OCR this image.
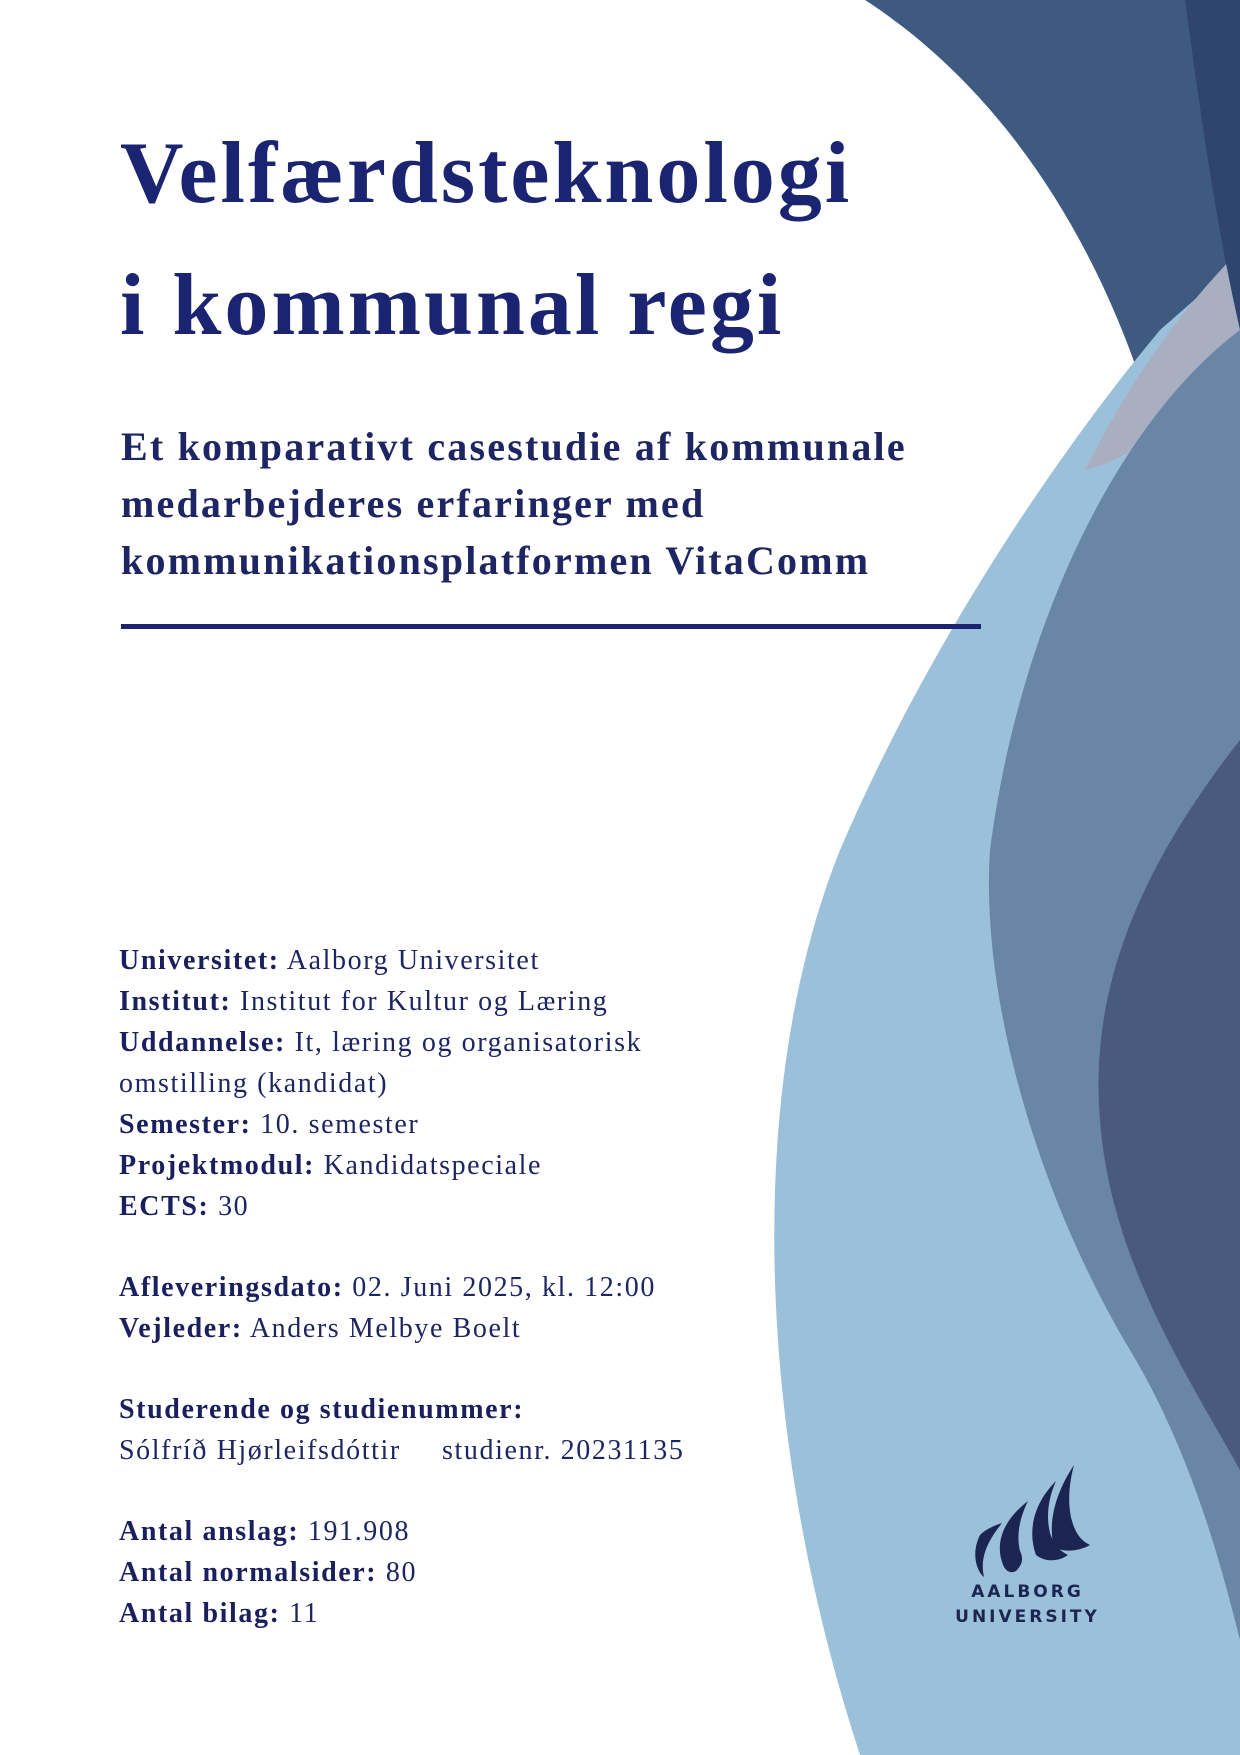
Velfærdsteknologi
i kommunal regi
Et komparativt casestudie af kommunale
medarbejderes erfaringer med
kommunikationsplatformen VitaComm
Universitet: Aalborg Universitet
Institut: Institut for Kultur og Læring
Uddannelse: It, læring og organisatorisk
omstilling (kandidat)
Semester: 10. semester
Projektmodul: Kandidatspeciale
ECTS: 30
Afleveringsdato: 02. Juni 2025, kl. 12:00
Vejleder: Anders Melbye Boelt
Studerende og studienummer:
Sólfríð Hjørleifsdóttir studienr. 20231135
Antal anslag: 191.908
Antal normalsider: 80
Antal bilag: 11
AALBORG
UNIVERSITY
